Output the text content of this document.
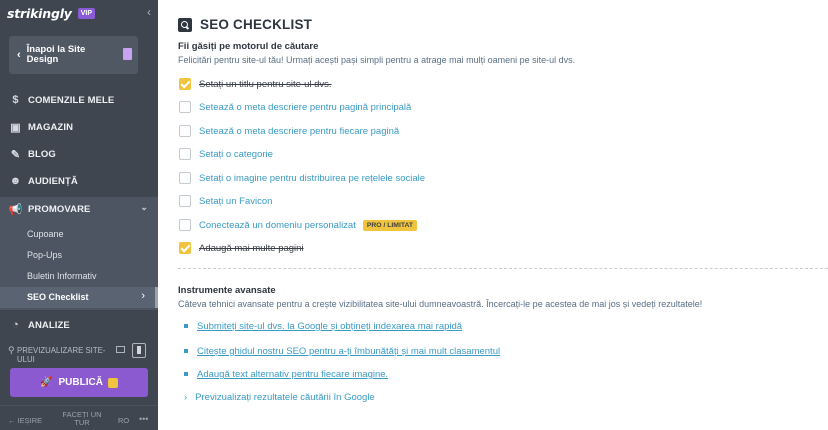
strikingly	VIP	‹
‹ Înapoi la Site Design
$ COMENZILE MELE
▣ MAGAZIN
✎ BLOG
☻ AUDIENȚĂ
📢 PROMOVARE	⌄
Cupoane
Pop-Ups
Buletin Informativ
SEO Checklist	›
◔ ANALIZE
⚲ PREVIZUALIZARE SITE-ULUI
🚀 PUBLICĂ
← IEȘIRE
FACEȚI UN TUR	RO •••
SEO CHECKLIST
Fii găsiți pe motorul de căutare
Felicitări pentru site-ul tău! Urmați acești pași simpli pentru a atrage mai mulți oameni pe site-ul dvs.
Setați un titlu pentru site-ul dvs.
Setează o meta descriere pentru pagină principală
Setează o meta descriere pentru fiecare pagină
Setați o categorie
Setați o imagine pentru distribuirea pe rețelele sociale
Setați un Favicon
Conectează un domeniu personalizat	PRO / LIMITAT
Adaugă mai multe pagini
Instrumente avansate
Câteva tehnici avansate pentru a crește vizibilitatea site-ului dumneavoastră. Încercați-le pe acestea de mai jos și vedeți rezultatele!
Submiteți site-ul dvs. la Google și obțineți indexarea mai rapidă
Citește ghidul nostru SEO pentru a-ți îmbunătăți și mai mult clasamentul
Adaugă text alternativ pentru fiecare imagine.
› Previzualizați rezultatele căutării în Google
